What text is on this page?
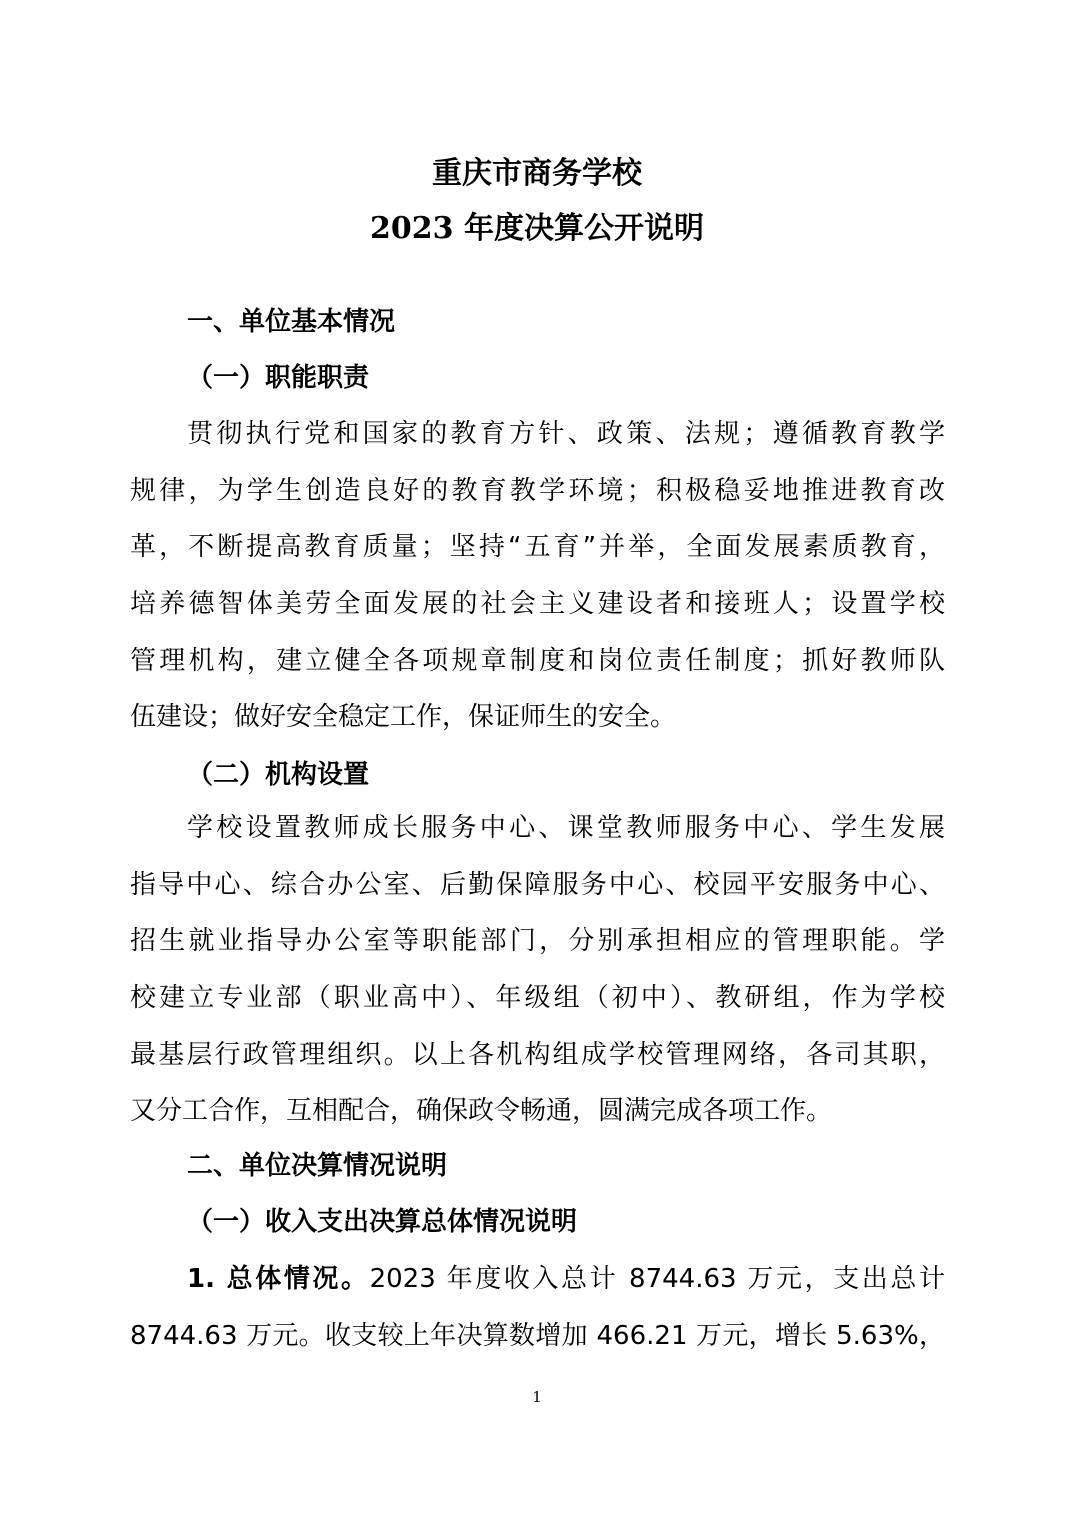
重庆市商务学校
2023 年度决算公开说明
一、单位基本情况
（一）职能职责
贯彻执行党和国家的教育方针、政策、法规；遵循教育教学
规律，为学生创造良好的教育教学环境；积极稳妥地推进教育改
革，不断提高教育质量；坚持“五育”并举，全面发展素质教育，
培养德智体美劳全面发展的社会主义建设者和接班人；设置学校
管理机构，建立健全各项规章制度和岗位责任制度；抓好教师队
伍建设；做好安全稳定工作，保证师生的安全。
（二）机构设置
学校设置教师成长服务中心、课堂教师服务中心、学生发展
指导中心、综合办公室、后勤保障服务中心、校园平安服务中心、
招生就业指导办公室等职能部门，分别承担相应的管理职能。学
校建立专业部（职业高中）、年级组（初中）、教研组，作为学校
最基层行政管理组织。以上各机构组成学校管理网络，各司其职，
又分工合作，互相配合，确保政令畅通，圆满完成各项工作。
二、单位决算情况说明
（一）收入支出决算总体情况说明
1. 总体情况。2023 年度收入总计 8744.63 万元，支出总计
8744.63 万元。收支较上年决算数增加 466.21 万元，增长 5.63%，
1
